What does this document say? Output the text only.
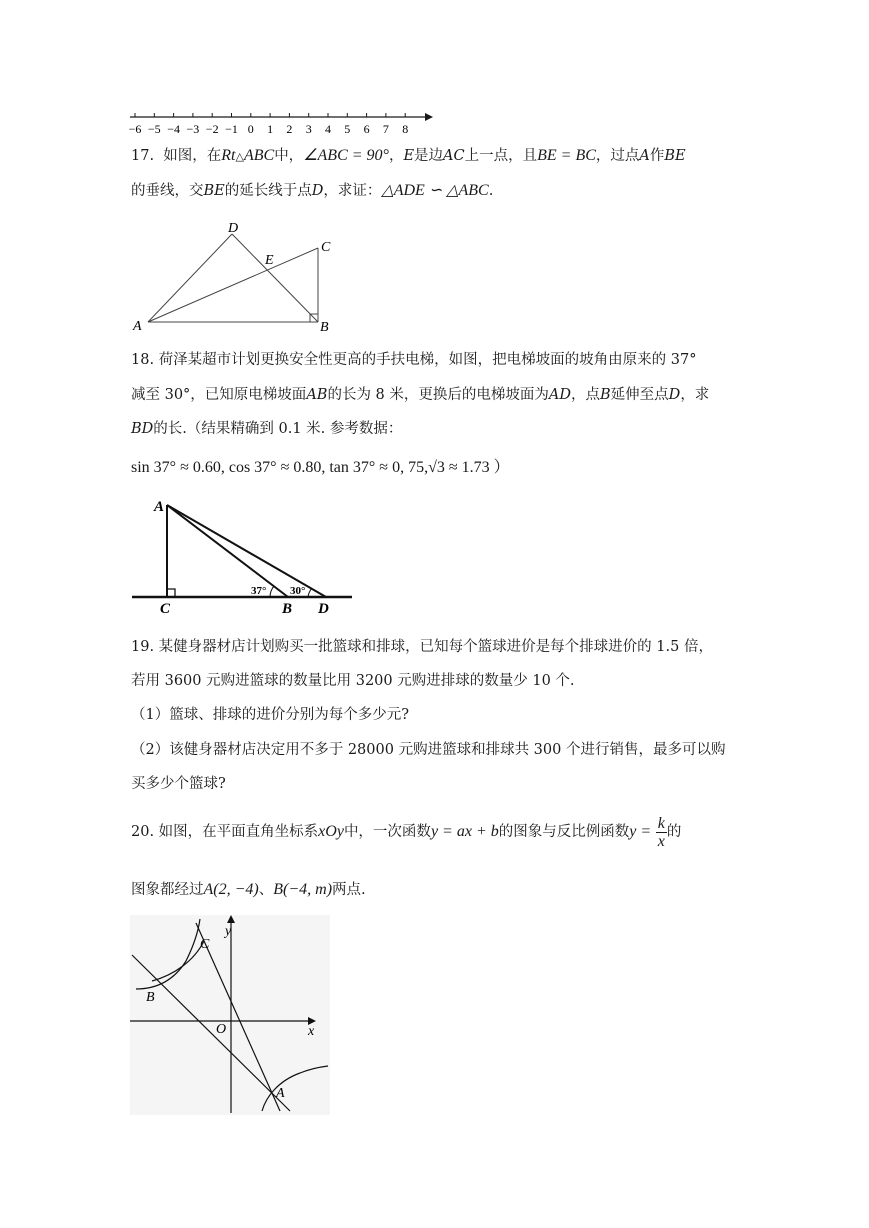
−6 −5 −4 −3 −2 −1 0 1 2 3 4 5 6 7 8
17. 如图，在Rt△ABC中，∠ABC = 90°，E是边AC上一点，且BE = BC，过点A作BE
的垂线，交BE的延长线于点D，求证：△ADE ∽ △ABC.
A	B
C
D
E
18. 荷泽某超市计划更换安全性更高的手扶电梯，如图，把电梯坡面的坡角由原来的 37°
减至 30°，已知原电梯坡面AB的长为 8 米，更换后的电梯坡面为AD，点B延伸至点D，求
BD的长.（结果精确到 0.1 米. 参考数据：
sin 37° ≈ 0.60, cos 37° ≈ 0.80, tan 37° ≈ 0, 75,√3 ≈ 1.73 ）
A
C	B D
37° 30°
19. 某健身器材店计划购买一批篮球和排球，已知每个篮球进价是每个排球进价的 1.5 倍，
若用 3600 元购进篮球的数量比用 3200 元购进排球的数量少 10 个.
（1）篮球、排球的进价分别为每个多少元?
（2）该健身器材店决定用不多于 28000 元购进篮球和排球共 300 个进行销售，最多可以购
买多少个篮球?
20. 如图，在平面直角坐标系xOy中，一次函数y = ax + b的图象与反比例函数$y = \frac{k}{x}$ 的
图象都经过A(2, −4)、B(−4, m)两点.
y
x
O
C
B
A
